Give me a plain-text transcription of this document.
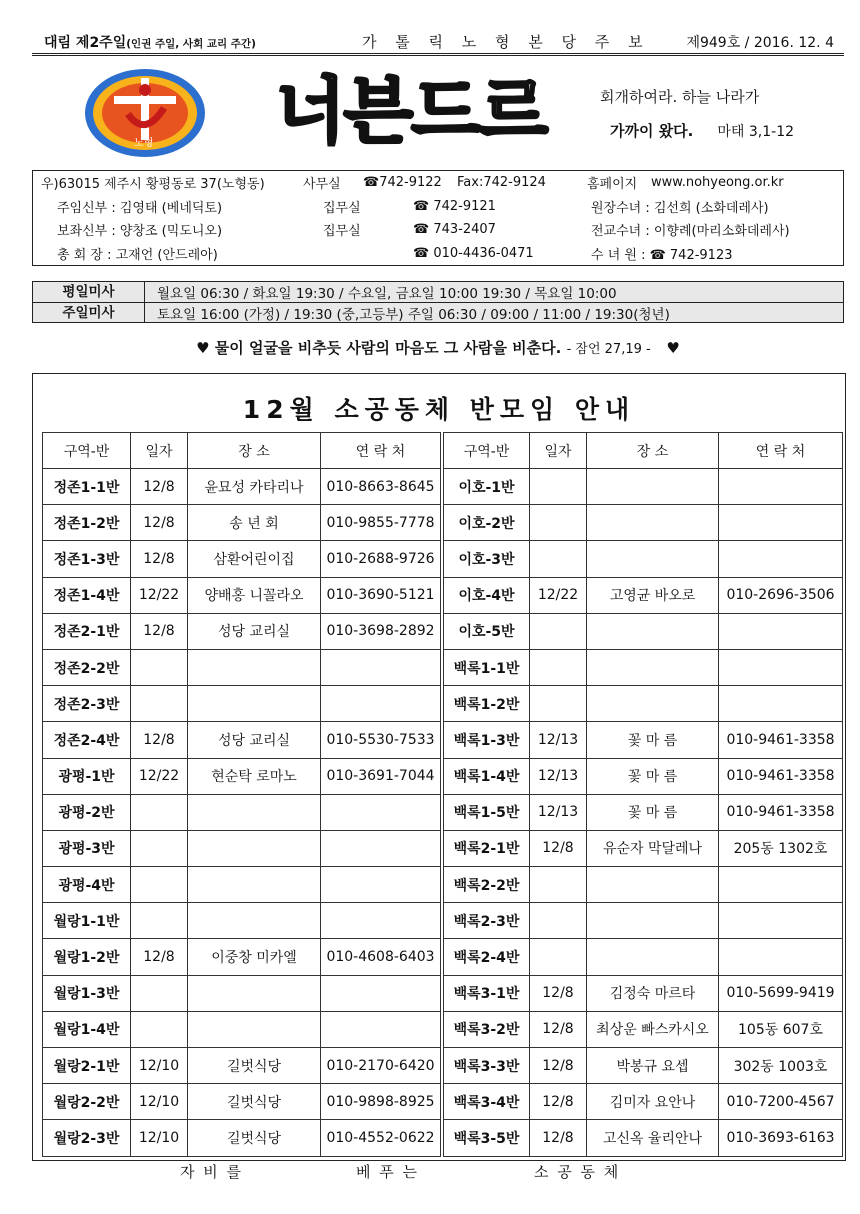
대림 제2주일(인권 주일, 사회 교리 주간)	가 톨 릭 노 형 본 당 주 보	제949호 / 2016. 12. 4
노형 너븐드르	회개하여라. 하늘 나라가
가까이 왔다. 마태 3,1-12
우)63015 제주시 황평동로 37(노형동)	사무실	☎742-9122	Fax:742-9124	홈페이지	www.nohyeong.or.kr
주임신부 : 김영태 (베네딕토)	집무실	☎ 742-9121	원장수녀 : 김선희 (소화데레사)
보좌신부 : 양창조 (믹도니오)	집무실	☎ 743-2407	전교수녀 : 이향례(마리소화데레사)
총 회 장 : 고재언 (안드레아)	☎ 010-4436-0471	수 녀 원 : ☎ 742-9123
평일미사	월요일 06:30 / 화요일 19:30 / 수요일, 금요일 10:00 19:30 / 목요일 10:00
주일미사	토요일 16:00 (가정) / 19:30 (중,고등부) 주일 06:30 / 09:00 / 11:00 / 19:30(청년)
♥ 물이 얼굴을 비추듯 사람의 마음도 그 사람을 비춘다. - 잠언 27,19 - ♥
12월 소공동체 반모임 안내
구역-반	일자	장 소	연 락 처
정존1-1반	12/8	윤묘성 카타리나	010-8663-8645
정존1-2반	12/8	송 년 회	010-9855-7778
정존1-3반	12/8	삼환어린이집	010-2688-9726
정존1-4반	12/22	양배홍 니꼴라오	010-3690-5121
정존2-1반	12/8	성당 교리실	010-3698-2892
정존2-2반			
정존2-3반			
정존2-4반	12/8	성당 교리실	010-5530-7533
광평-1반	12/22	현순탁 로마노	010-3691-7044
광평-2반			
광평-3반			
광평-4반			
월랑1-1반			
월랑1-2반	12/8	이중창 미카엘	010-4608-6403
월랑1-3반			
월랑1-4반			
월랑2-1반	12/10	길벗식당	010-2170-6420
월랑2-2반	12/10	길벗식당	010-9898-8925
월랑2-3반	12/10	길벗식당	010-4552-0622
구역-반	일자	장 소	연 락 처
이호-1반			
이호-2반			
이호-3반			
이호-4반	12/22	고영균 바오로	010-2696-3506
이호-5반			
백록1-1반			
백록1-2반			
백록1-3반	12/13	꽃 마 름	010-9461-3358
백록1-4반	12/13	꽃 마 름	010-9461-3358
백록1-5반	12/13	꽃 마 름	010-9461-3358
백록2-1반	12/8	유순자 막달레나	205동 1302호
백록2-2반			
백록2-3반			
백록2-4반			
백록3-1반	12/8	김정숙 마르타	010-5699-9419
백록3-2반	12/8	최상운 빠스카시오	105동 607호
백록3-3반	12/8	박봉규 요셉	302동 1003호
백록3-4반	12/8	김미자 요안나	010-7200-4567
백록3-5반	12/8	고신옥 율리안나	010-3693-6163
자 비 를	베 푸 는	소 공 동 체
